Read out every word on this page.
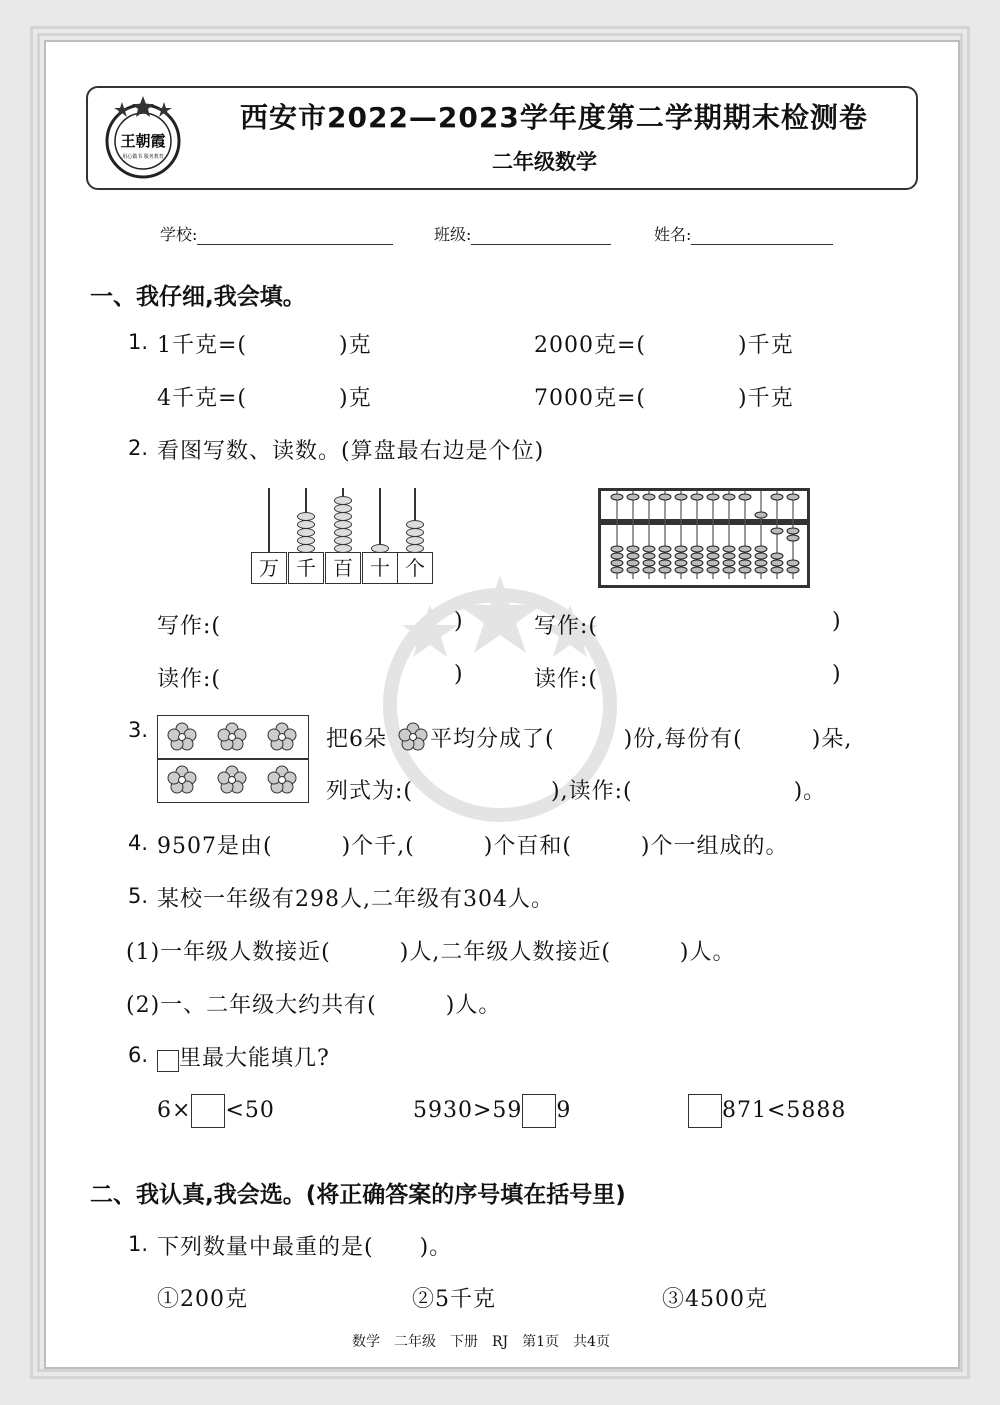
王朝霞
用心做书 服务教育
西安市2022—2023学年度第二学期期末检测卷
二年级数学
学校:	班级:	姓名:
一、我仔细,我会填。
1. 1千克=(　　　　)克	2000克=(　　　　)千克
4千克=(　　　　)克	7000克=(　　　　)千克
2. 看图写数、读数。(算盘最右边是个位)
万 千 百 十 个
写作:(	)	写作:(	)
读作:(	)	读作:(	)
3.	把6朵 平均分成了(　　　)份,每份有(　　　)朵,
列式为:(　　　　　　),读作:(　　　　　　　)。
4. 9507是由(　　　)个千,(　　　)个百和(　　　)个一组成的。
5. 某校一年级有298人,二年级有304人。
(1)一年级人数接近(　　　)人,二年级人数接近(　　　)人。
(2)一、二年级大约共有(　　　)人。
6.	里最大能填几?
6× <50	5930>59 9	871<5888
二、我认真,我会选。(将正确答案的序号填在括号里)
1. 下列数量中最重的是(　　)。
①200克	②5千克	③4500克
数学　二年级　下册　RJ　第1页　共4页
